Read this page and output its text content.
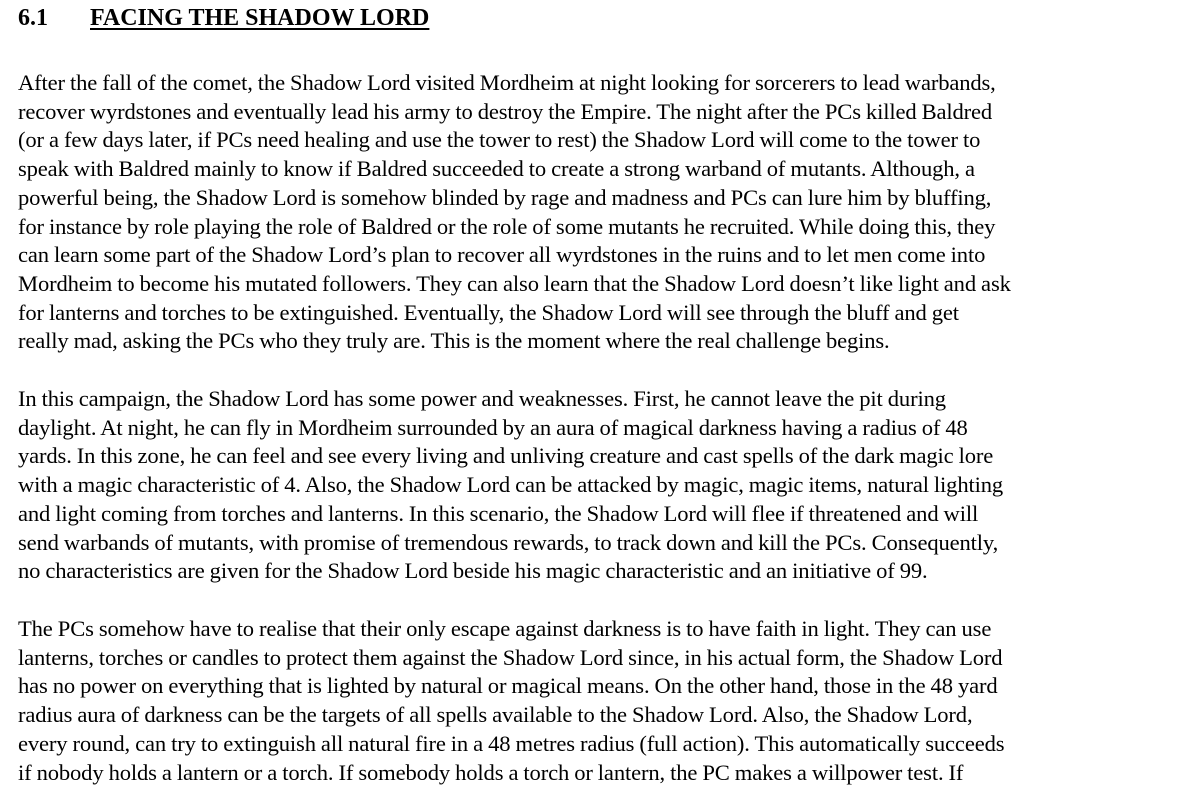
6.1 FACING THE SHADOW LORD

After the fall of the comet, the Shadow Lord visited Mordheim at night looking for sorcerers to lead warbands,
recover wyrdstones and eventually lead his army to destroy the Empire. The night after the PCs killed Baldred
(or a few days later, if PCs need healing and use the tower to rest) the Shadow Lord will come to the tower to
speak with Baldred mainly to know if Baldred succeeded to create a strong warband of mutants. Although, a
powerful being, the Shadow Lord is somehow blinded by rage and madness and PCs can lure him by bluffing,
for instance by role playing the role of Baldred or the role of some mutants he recruited. While doing this, they
can learn some part of the Shadow Lord’s plan to recover all wyrdstones in the ruins and to let men come into
Mordheim to become his mutated followers. They can also learn that the Shadow Lord doesn’t like light and ask
for lanterns and torches to be extinguished. Eventually, the Shadow Lord will see through the bluff and get
really mad, asking the PCs who they truly are. This is the moment where the real challenge begins.

In this campaign, the Shadow Lord has some power and weaknesses. First, he cannot leave the pit during
daylight. At night, he can fly in Mordheim surrounded by an aura of magical darkness having a radius of 48
yards. In this zone, he can feel and see every living and unliving creature and cast spells of the dark magic lore
with a magic characteristic of 4. Also, the Shadow Lord can be attacked by magic, magic items, natural lighting
and light coming from torches and lanterns. In this scenario, the Shadow Lord will flee if threatened and will
send warbands of mutants, with promise of tremendous rewards, to track down and kill the PCs. Consequently,
no characteristics are given for the Shadow Lord beside his magic characteristic and an initiative of 99.

The PCs somehow have to realise that their only escape against darkness is to have faith in light. They can use
lanterns, torches or candles to protect them against the Shadow Lord since, in his actual form, the Shadow Lord
has no power on everything that is lighted by natural or magical means. On the other hand, those in the 48 yard
radius aura of darkness can be the targets of all spells available to the Shadow Lord. Also, the Shadow Lord,
every round, can try to extinguish all natural fire in a 48 metres radius (full action). This automatically succeeds
if nobody holds a lantern or a torch. If somebody holds a torch or lantern, the PC makes a willpower test. If
